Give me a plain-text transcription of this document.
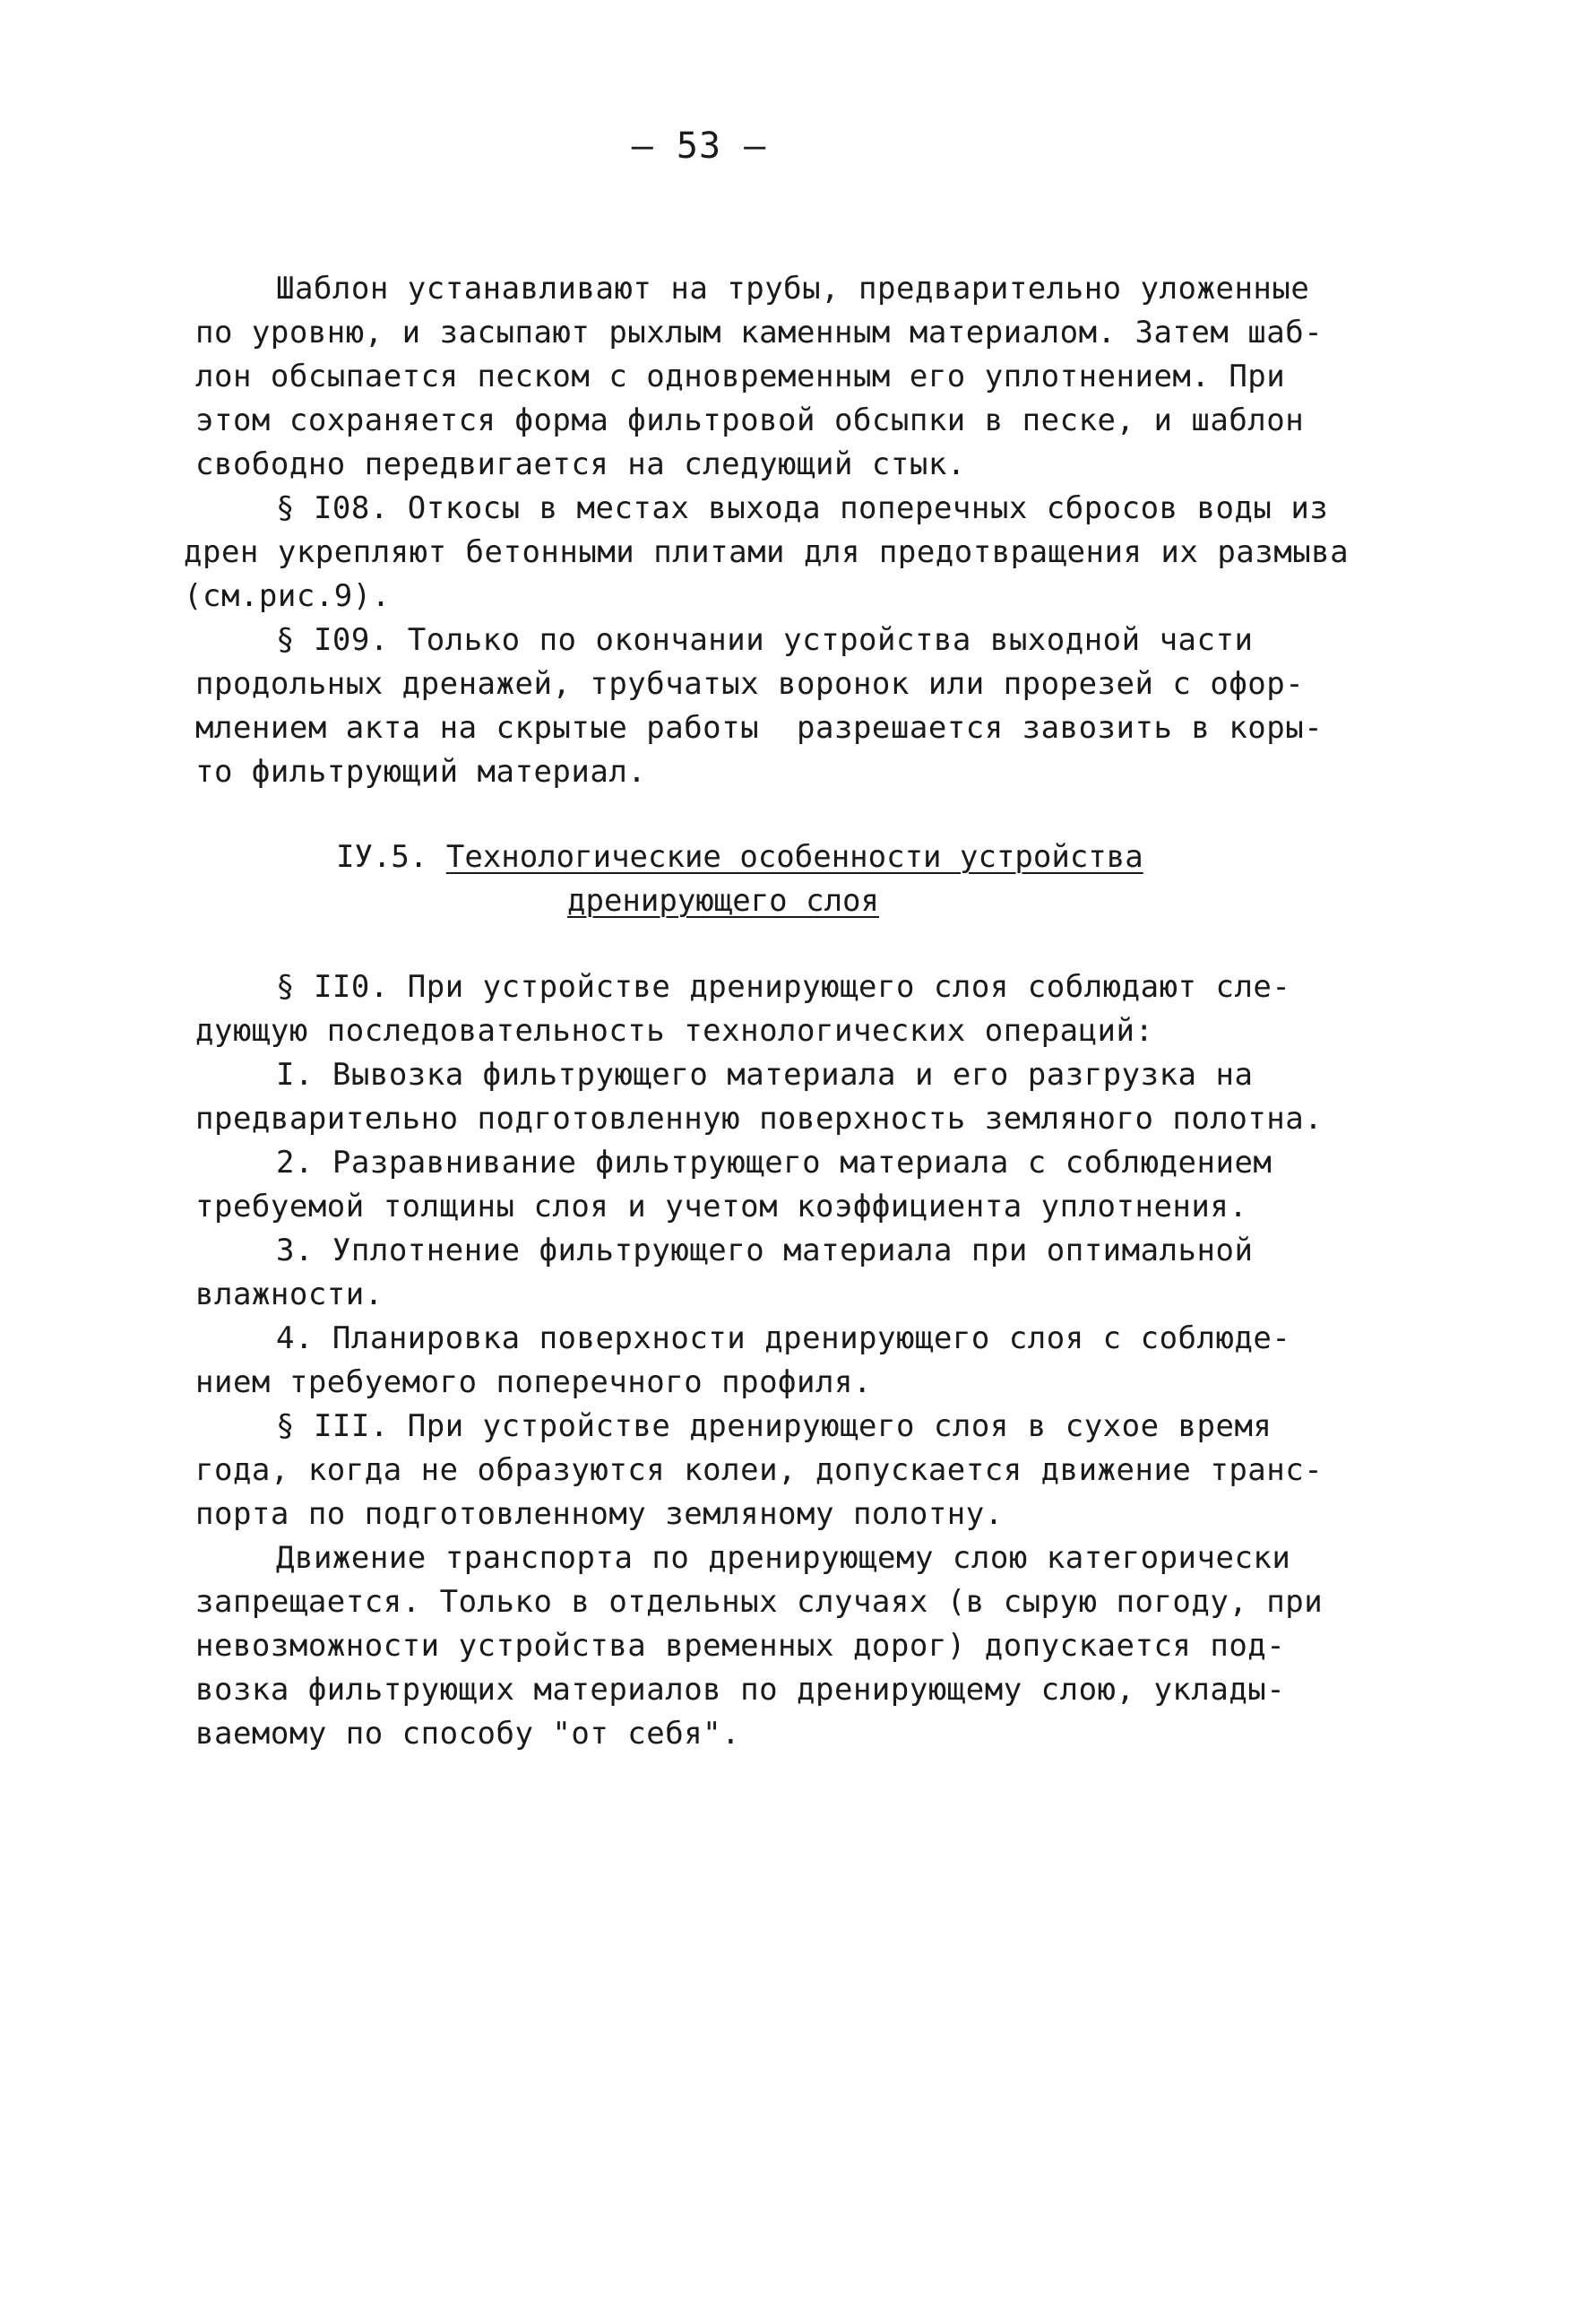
— 53 —
Шаблон устанавливают на трубы, предварительно уложенные
по уровню, и засыпают рыхлым каменным материалом. Затем шаб-
лон обсыпается песком с одновременным его уплотнением. При
этом сохраняется форма фильтровой обсыпки в песке, и шаблон
свободно передвигается на следующий стык.
§ I08. Откосы в местах выхода поперечных сбросов воды из
дрен укрепляют бетонными плитами для предотвращения их размыва
(см.рис.9).
§ I09. Только по окончании устройства выходной части
продольных дренажей, трубчатых воронок или прорезей с офор-
млением акта на скрытые работы  разрешается завозить в коры-
то фильтрующий материал.
IУ.5. Технологические особенности устройства
дренирующего слоя
§ II0. При устройстве дренирующего слоя соблюдают сле-
дующую последовательность технологических операций:
I. Вывозка фильтрующего материала и его разгрузка на
предварительно подготовленную поверхность земляного полотна.
2. Разравнивание фильтрующего материала с соблюдением
требуемой толщины слоя и учетом коэффициента уплотнения.
3. Уплотнение фильтрующего материала при оптимальной
влажности.
4. Планировка поверхности дренирующего слоя с соблюде-
нием требуемого поперечного профиля.
§ III. При устройстве дренирующего слоя в сухое время
года, когда не образуются колеи, допускается движение транс-
порта по подготовленному земляному полотну.
Движение транспорта по дренирующему слою категорически
запрещается. Только в отдельных случаях (в сырую погоду, при
невозможности устройства временных дорог) допускается под-
возка фильтрующих материалов по дренирующему слою, уклады-
ваемому по способу "от себя".
